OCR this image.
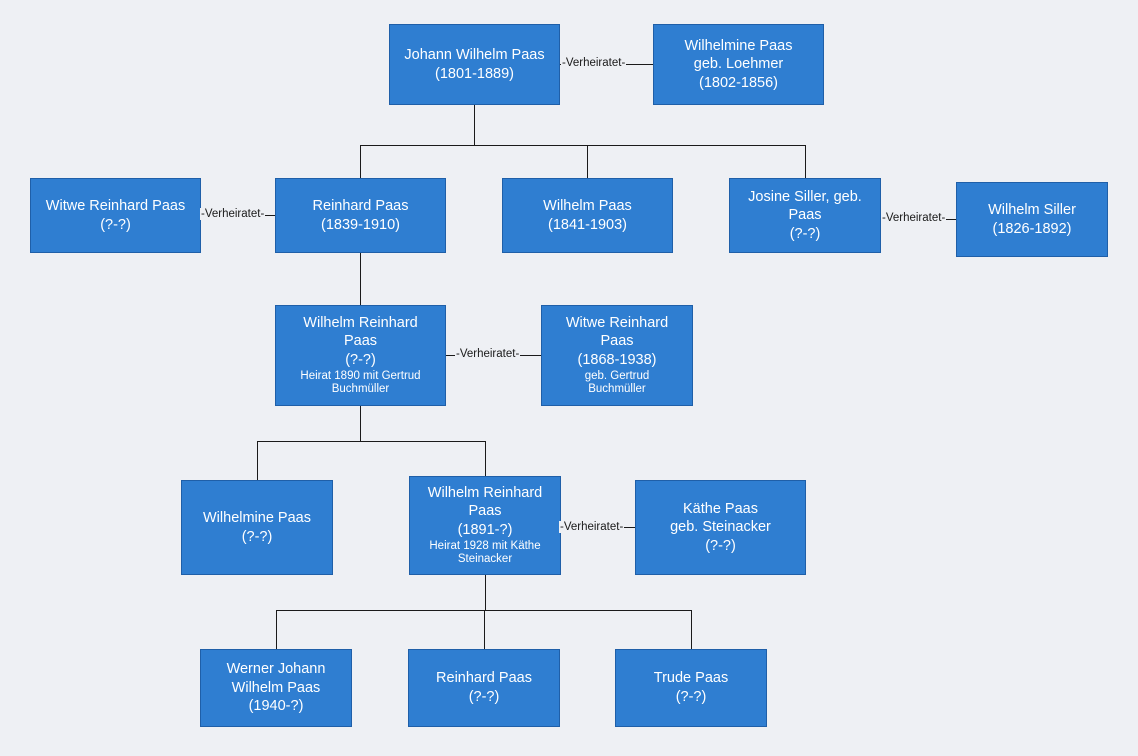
Johann Wilhelm Paas
(1801-1889)
Wilhelmine Paas
geb. Loehmer
(1802-1856)
Witwe Reinhard Paas
(?-?)
Reinhard Paas
(1839-1910)
Wilhelm Paas
(1841-1903)
Josine Siller, geb.
Paas
(?-?)
Wilhelm Siller
(1826-1892)
Wilhelm Reinhard
Paas
(?-?)
Heirat 1890 mit Gertrud
Buchmüller
Witwe Reinhard
Paas
(1868-1938)
geb. Gertrud
Buchmüller
Wilhelmine Paas
(?-?)
Wilhelm Reinhard
Paas
(1891-?)
Heirat 1928 mit Käthe
Steinacker
Käthe Paas
geb. Steinacker
(?-?)
Werner Johann
Wilhelm Paas
(1940-?)
Reinhard Paas
(?-?)
Trude Paas
(?-?)
-Verheiratet-
-Verheiratet-	-Verheiratet-
-Verheiratet-
-Verheiratet-
